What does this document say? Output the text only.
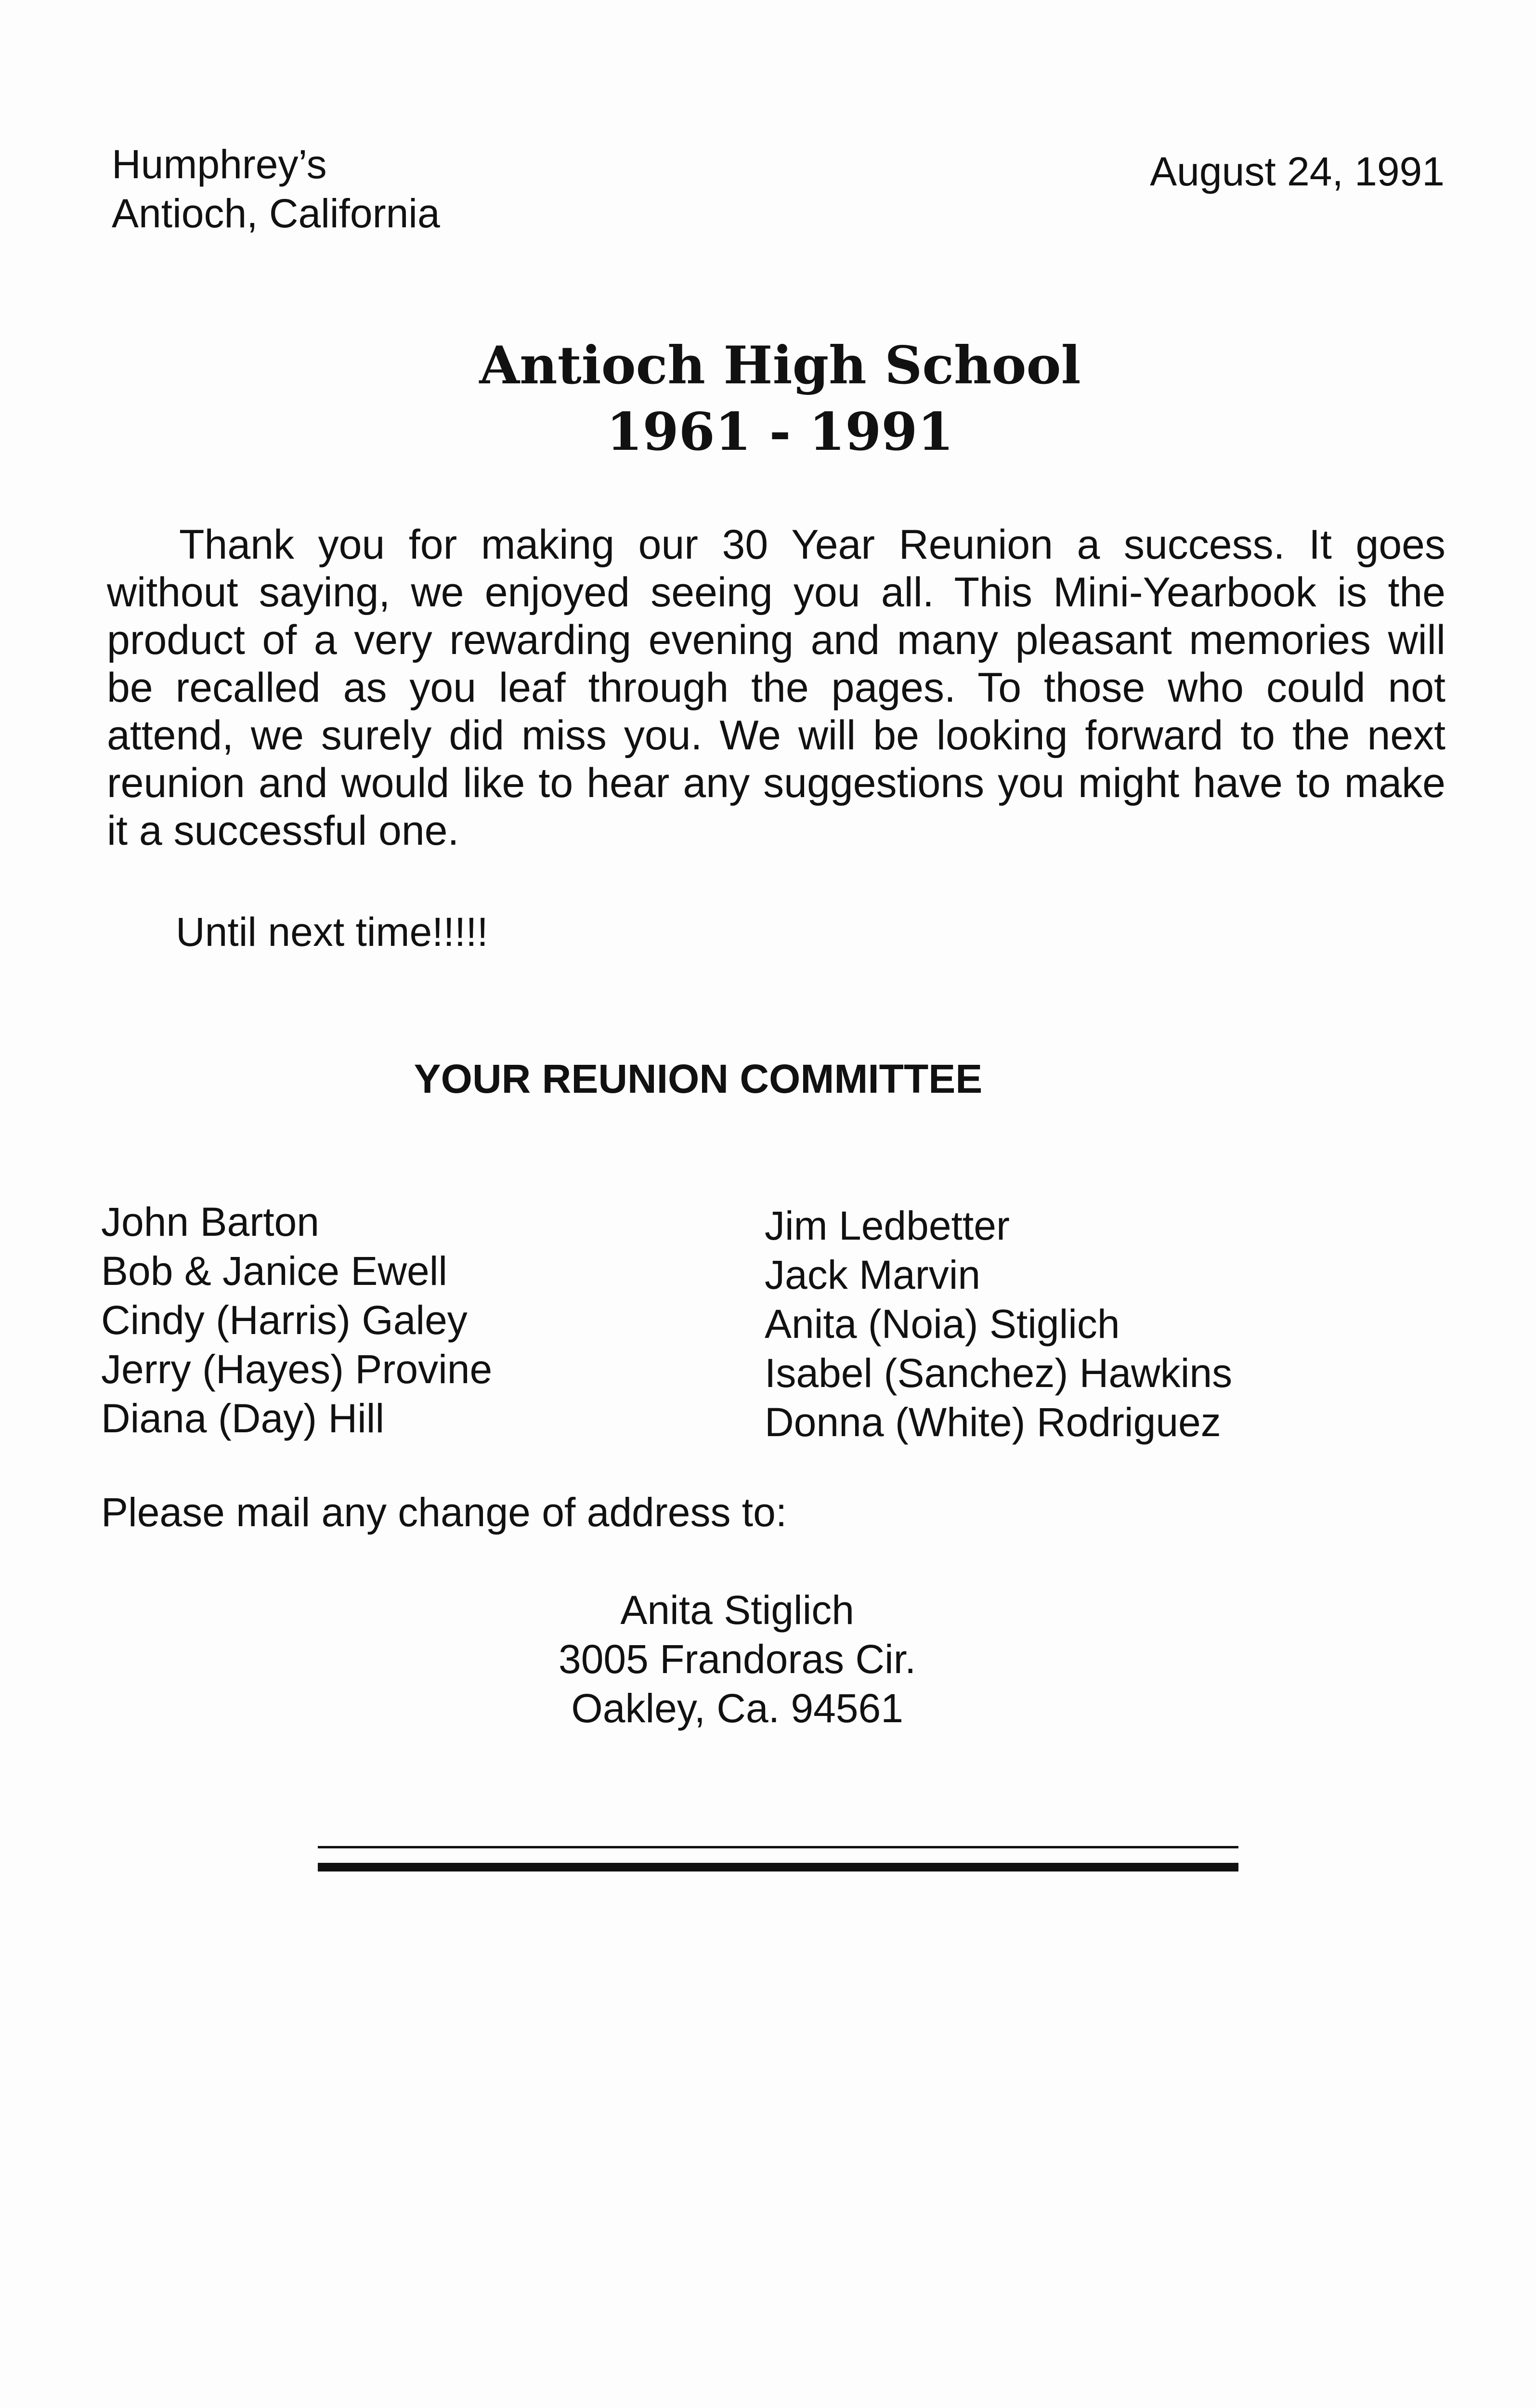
Humphrey’s
Antioch, California
August 24, 1991
Antioch High School
1961 - 1991

Thank you for making our 30 Year Reunion a success. It goes without saying, we enjoyed seeing you all. This Mini-Yearbook is the product of a very rewarding evening and many pleasant memories will be recalled as you leaf through the pages. To those who could not attend, we surely did miss you. We will be looking forward to the next reunion and would like to hear any suggestions you might have to make it a successful one.

Until next time!!!!!
YOUR REUNION COMMITTEE
John Barton
Bob & Janice Ewell
Cindy (Harris) Galey
Jerry (Hayes) Provine
Diana (Day) Hill
Jim Ledbetter
Jack Marvin
Anita (Noia) Stiglich
Isabel (Sanchez) Hawkins
Donna (White) Rodriguez
Please mail any change of address to:
Anita Stiglich
3005 Frandoras Cir.
Oakley, Ca. 94561
